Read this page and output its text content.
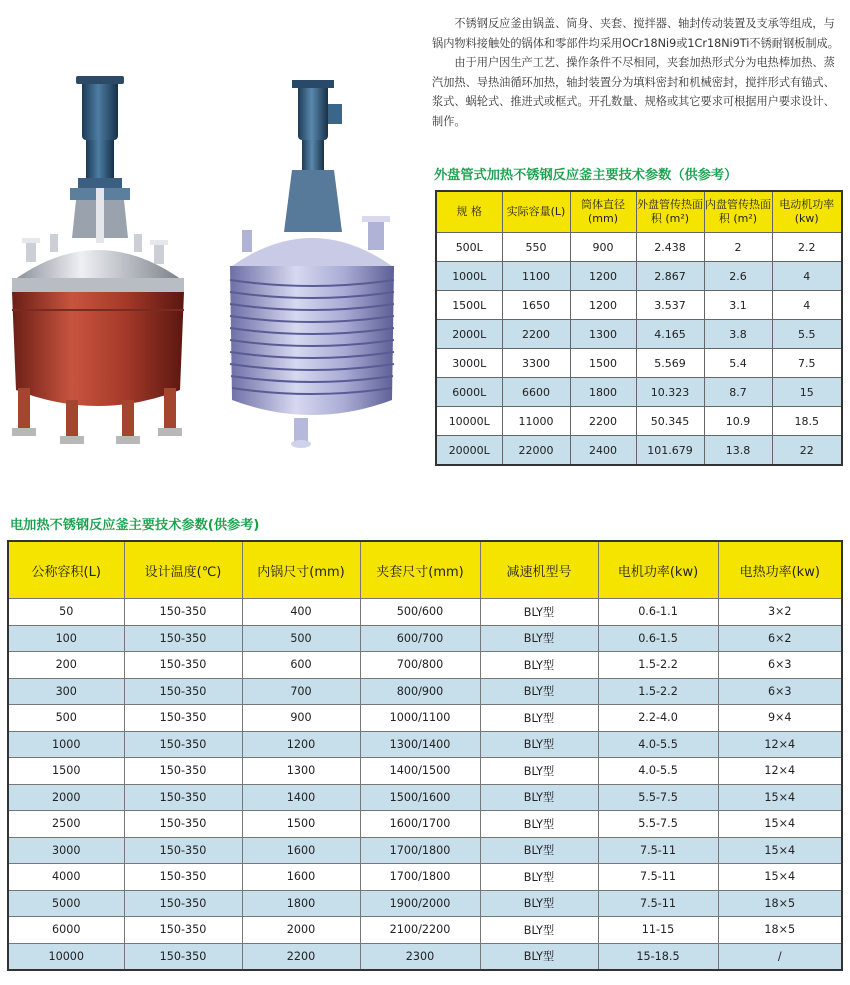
不锈钢反应釜由锅盖、筒身、夹套、搅拌器、轴封传动装置及支承等组成，与锅内物料接触处的锅体和零部件均采用OCr18Ni9或1Cr18Ni9Ti不锈耐钢板制成。

由于用户因生产工艺、操作条件不尽相同，夹套加热形式分为电热棒加热、蒸汽加热、导热油循环加热，轴封装置分为填料密封和机械密封，搅拌形式有锚式、浆式、蜗轮式、推进式或框式。开孔数量、规格或其它要求可根据用户要求设计、制作。

外盘管式加热不锈钢反应釜主要技术参数（供参考）
规 格	实际容量(L)	筒体直径(mm)	外盘管传热面积 (m²)	内盘管传热面积 (m²)	电动机功率(kw)
500L	550	900	2.438	2	2.2
1000L	1100	1200	2.867	2.6	4
1500L	1650	1200	3.537	3.1	4
2000L	2200	1300	4.165	3.8	5.5
3000L	3300	1500	5.569	5.4	7.5
6000L	6600	1800	10.323	8.7	15
10000L	11000	2200	50.345	10.9	18.5
20000L	22000	2400	101.679	13.8	22
电加热不锈钢反应釜主要技术参数(供参考)
公称容积(L)	设计温度(℃)	内锅尺寸(mm)	夹套尺寸(mm)	减速机型号	电机功率(kw)	电热功率(kw)
50	150-350	400	500/600	BLY型	0.6-1.1	3×2
100	150-350	500	600/700	BLY型	0.6-1.5	6×2
200	150-350	600	700/800	BLY型	1.5-2.2	6×3
300	150-350	700	800/900	BLY型	1.5-2.2	6×3
500	150-350	900	1000/1100	BLY型	2.2-4.0	9×4
1000	150-350	1200	1300/1400	BLY型	4.0-5.5	12×4
1500	150-350	1300	1400/1500	BLY型	4.0-5.5	12×4
2000	150-350	1400	1500/1600	BLY型	5.5-7.5	15×4
2500	150-350	1500	1600/1700	BLY型	5.5-7.5	15×4
3000	150-350	1600	1700/1800	BLY型	7.5-11	15×4
4000	150-350	1600	1700/1800	BLY型	7.5-11	15×4
5000	150-350	1800	1900/2000	BLY型	7.5-11	18×5
6000	150-350	2000	2100/2200	BLY型	11-15	18×5
10000	150-350	2200	2300	BLY型	15-18.5	/
